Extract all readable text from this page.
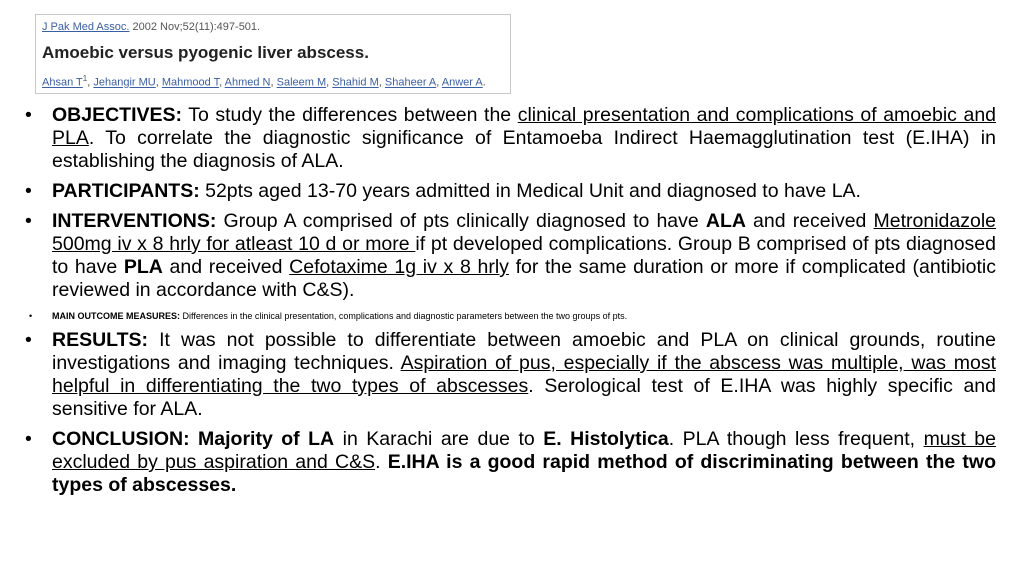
J Pak Med Assoc. 2002 Nov;52(11):497-501.
Amoebic versus pyogenic liver abscess.
Ahsan $T^1$, Jehangir MU, Mahmood T, Ahmed N, Saleem M, Shahid M, Shaheer A, Anwer A.
• OBJECTIVES: To study the differences between the clinical presentation and complications of amoebic and PLA. To correlate the diagnostic significance of Entamoeba Indirect Haemagglutination test (E.IHA) in establishing the diagnosis of ALA.
• PARTICIPANTS: 52pts aged 13-70 years admitted in Medical Unit and diagnosed to have LA.
• INTERVENTIONS: Group A comprised of pts clinically diagnosed to have ALA and received Metronidazole 500mg iv x 8 hrly for atleast 10 d or more if pt developed complications. Group B comprised of pts diagnosed to have PLA and received Cefotaxime 1g iv x 8 hrly for the same duration or more if complicated (antibiotic reviewed in accordance with C&S).
• MAIN OUTCOME MEASURES: Differences in the clinical presentation, complications and diagnostic parameters between the two groups of pts.
• RESULTS: It was not possible to differentiate between amoebic and PLA on clinical grounds, routine investigations and imaging techniques. Aspiration of pus, especially if the abscess was multiple, was most helpful in differentiating the two types of abscesses. Serological test of E.IHA was highly specific and sensitive for ALA.
• CONCLUSION: Majority of LA in Karachi are due to E. Histolytica. PLA though less frequent, must be excluded by pus aspiration and C&S. E.IHA is a good rapid method of discriminating between the two types of abscesses.
